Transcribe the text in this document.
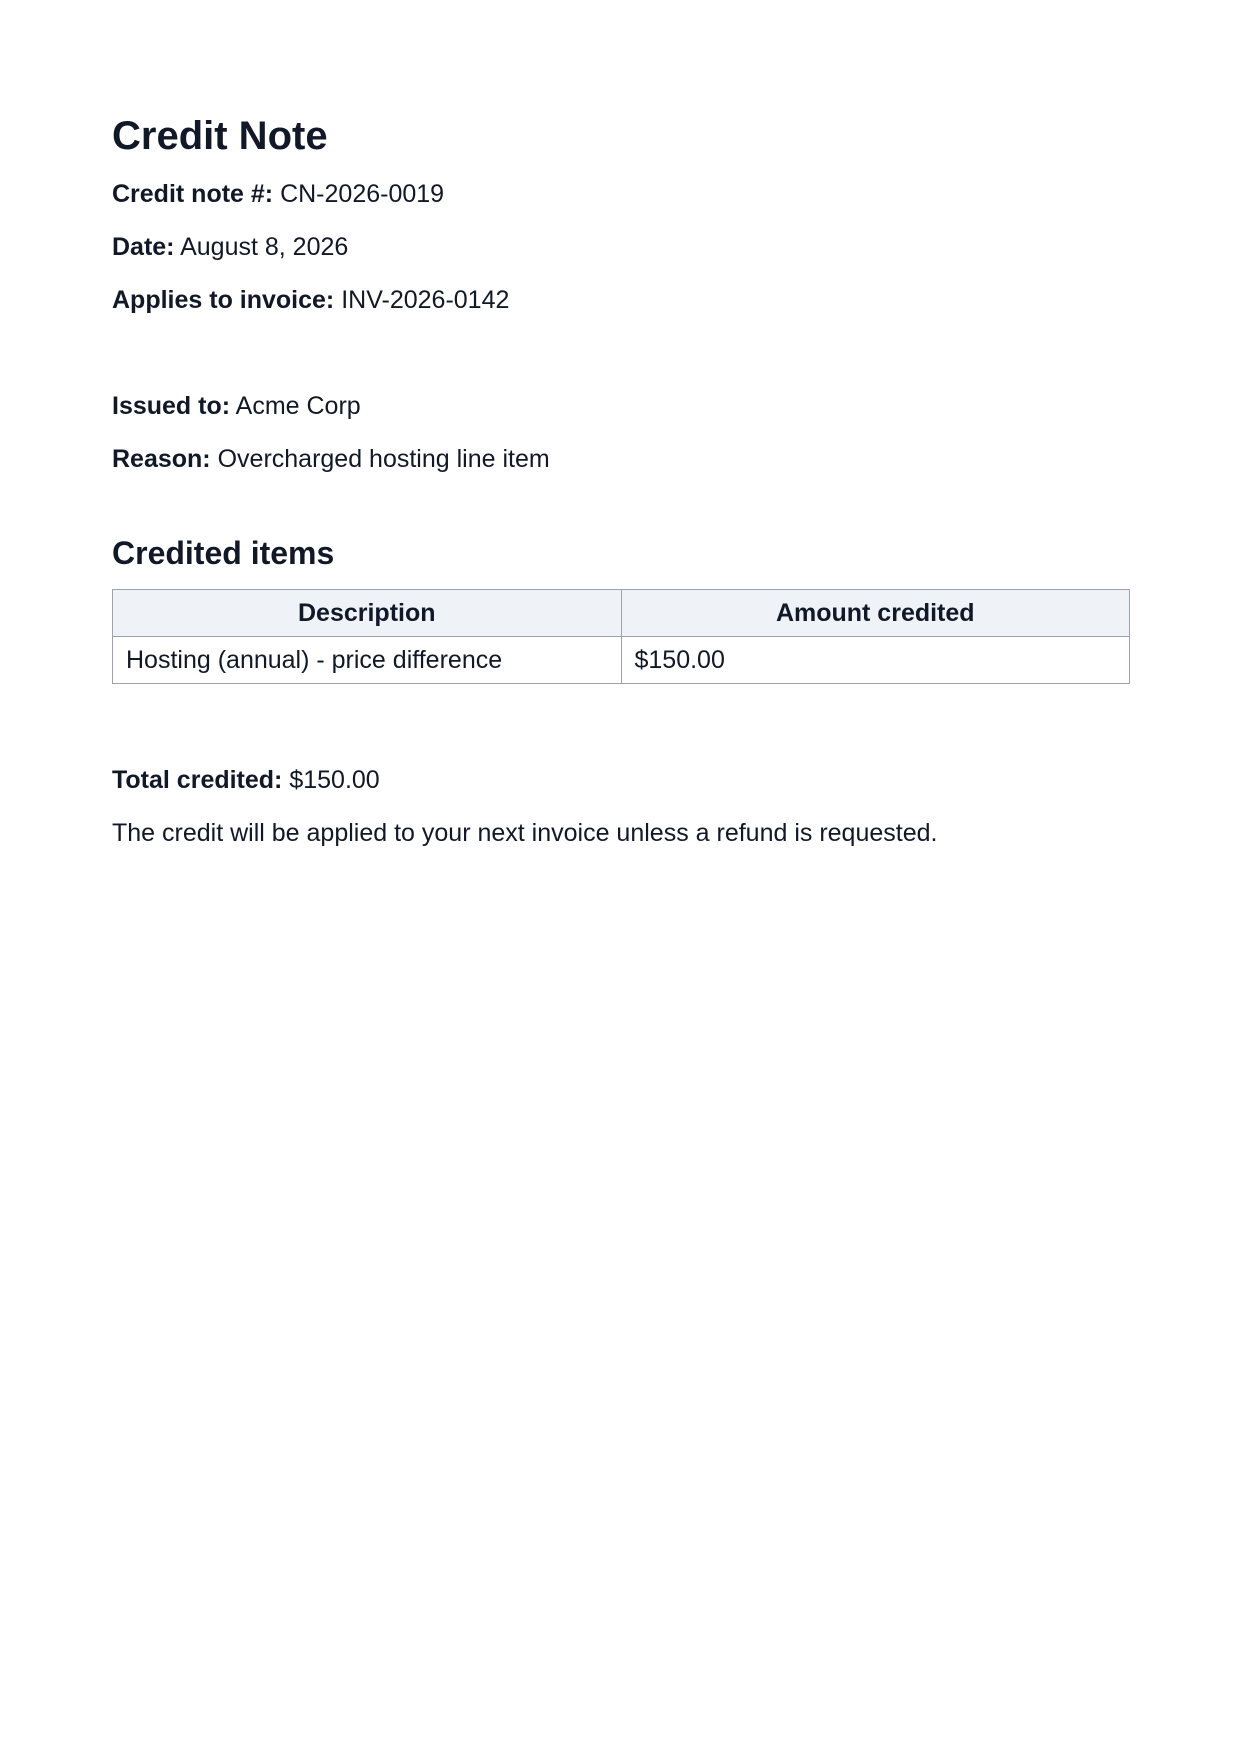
Credit Note

Credit note #: CN-2026-0019

Date: August 8, 2026

Applies to invoice: INV-2026-0142

Issued to: Acme Corp

Reason: Overcharged hosting line item

Credited items
Description	Amount credited
Hosting (annual) - price difference	$150.00

Total credited: $150.00

The credit will be applied to your next invoice unless a refund is requested.
